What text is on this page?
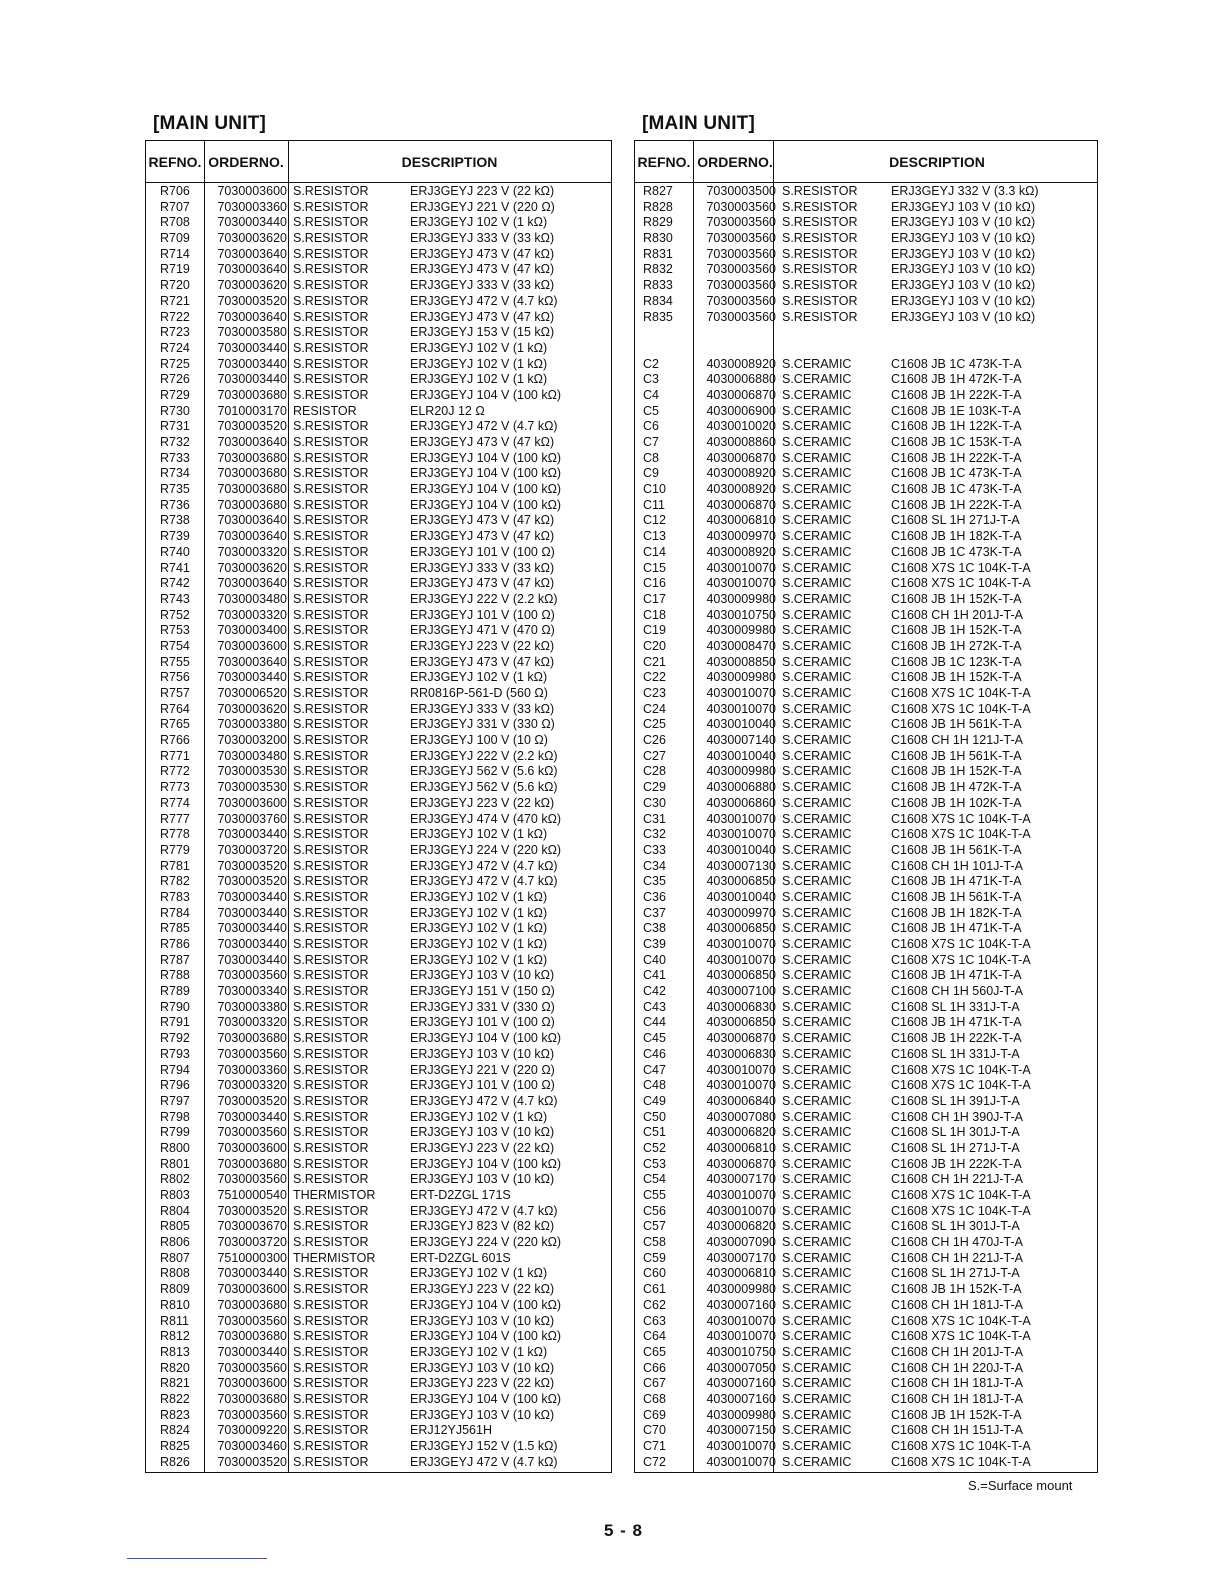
[MAIN UNIT]	[MAIN UNIT]
REF NO. ORDER NO.	DESCRIPTION
R706	7030003600 S.RESISTOR	ERJ3GEYJ 223 V (22 kΩ)
R707	7030003360 S.RESISTOR	ERJ3GEYJ 221 V (220 Ω)
R708	7030003440 S.RESISTOR	ERJ3GEYJ 102 V (1 kΩ)
R709	7030003620 S.RESISTOR	ERJ3GEYJ 333 V (33 kΩ)
R714	7030003640 S.RESISTOR	ERJ3GEYJ 473 V (47 kΩ)
R719	7030003640 S.RESISTOR	ERJ3GEYJ 473 V (47 kΩ)
R720	7030003620 S.RESISTOR	ERJ3GEYJ 333 V (33 kΩ)
R721	7030003520 S.RESISTOR	ERJ3GEYJ 472 V (4.7 kΩ)
R722	7030003640 S.RESISTOR	ERJ3GEYJ 473 V (47 kΩ)
R723	7030003580 S.RESISTOR	ERJ3GEYJ 153 V (15 kΩ)
R724	7030003440 S.RESISTOR	ERJ3GEYJ 102 V (1 kΩ)
R725	7030003440 S.RESISTOR	ERJ3GEYJ 102 V (1 kΩ)
R726	7030003440 S.RESISTOR	ERJ3GEYJ 102 V (1 kΩ)
R729	7030003680 S.RESISTOR	ERJ3GEYJ 104 V (100 kΩ)
R730	7010003170 RESISTOR	ELR20J 12 Ω
R731	7030003520 S.RESISTOR	ERJ3GEYJ 472 V (4.7 kΩ)
R732	7030003640 S.RESISTOR	ERJ3GEYJ 473 V (47 kΩ)
R733	7030003680 S.RESISTOR	ERJ3GEYJ 104 V (100 kΩ)
R734	7030003680 S.RESISTOR	ERJ3GEYJ 104 V (100 kΩ)
R735	7030003680 S.RESISTOR	ERJ3GEYJ 104 V (100 kΩ)
R736	7030003680 S.RESISTOR	ERJ3GEYJ 104 V (100 kΩ)
R738	7030003640 S.RESISTOR	ERJ3GEYJ 473 V (47 kΩ)
R739	7030003640 S.RESISTOR	ERJ3GEYJ 473 V (47 kΩ)
R740	7030003320 S.RESISTOR	ERJ3GEYJ 101 V (100 Ω)
R741	7030003620 S.RESISTOR	ERJ3GEYJ 333 V (33 kΩ)
R742	7030003640 S.RESISTOR	ERJ3GEYJ 473 V (47 kΩ)
R743	7030003480 S.RESISTOR	ERJ3GEYJ 222 V (2.2 kΩ)
R752	7030003320 S.RESISTOR	ERJ3GEYJ 101 V (100 Ω)
R753	7030003400 S.RESISTOR	ERJ3GEYJ 471 V (470 Ω)
R754	7030003600 S.RESISTOR	ERJ3GEYJ 223 V (22 kΩ)
R755	7030003640 S.RESISTOR	ERJ3GEYJ 473 V (47 kΩ)
R756	7030003440 S.RESISTOR	ERJ3GEYJ 102 V (1 kΩ)
R757	7030006520 S.RESISTOR	RR0816P-561-D (560 Ω)
R764	7030003620 S.RESISTOR	ERJ3GEYJ 333 V (33 kΩ)
R765	7030003380 S.RESISTOR	ERJ3GEYJ 331 V (330 Ω)
R766	7030003200 S.RESISTOR	ERJ3GEYJ 100 V (10 Ω)
R771	7030003480 S.RESISTOR	ERJ3GEYJ 222 V (2.2 kΩ)
R772	7030003530 S.RESISTOR	ERJ3GEYJ 562 V (5.6 kΩ)
R773	7030003530 S.RESISTOR	ERJ3GEYJ 562 V (5.6 kΩ)
R774	7030003600 S.RESISTOR	ERJ3GEYJ 223 V (22 kΩ)
R777	7030003760 S.RESISTOR	ERJ3GEYJ 474 V (470 kΩ)
R778	7030003440 S.RESISTOR	ERJ3GEYJ 102 V (1 kΩ)
R779	7030003720 S.RESISTOR	ERJ3GEYJ 224 V (220 kΩ)
R781	7030003520 S.RESISTOR	ERJ3GEYJ 472 V (4.7 kΩ)
R782	7030003520 S.RESISTOR	ERJ3GEYJ 472 V (4.7 kΩ)
R783	7030003440 S.RESISTOR	ERJ3GEYJ 102 V (1 kΩ)
R784	7030003440 S.RESISTOR	ERJ3GEYJ 102 V (1 kΩ)
R785	7030003440 S.RESISTOR	ERJ3GEYJ 102 V (1 kΩ)
R786	7030003440 S.RESISTOR	ERJ3GEYJ 102 V (1 kΩ)
R787	7030003440 S.RESISTOR	ERJ3GEYJ 102 V (1 kΩ)
R788	7030003560 S.RESISTOR	ERJ3GEYJ 103 V (10 kΩ)
R789	7030003340 S.RESISTOR	ERJ3GEYJ 151 V (150 Ω)
R790	7030003380 S.RESISTOR	ERJ3GEYJ 331 V (330 Ω)
R791	7030003320 S.RESISTOR	ERJ3GEYJ 101 V (100 Ω)
R792	7030003680 S.RESISTOR	ERJ3GEYJ 104 V (100 kΩ)
R793	7030003560 S.RESISTOR	ERJ3GEYJ 103 V (10 kΩ)
R794	7030003360 S.RESISTOR	ERJ3GEYJ 221 V (220 Ω)
R796	7030003320 S.RESISTOR	ERJ3GEYJ 101 V (100 Ω)
R797	7030003520 S.RESISTOR	ERJ3GEYJ 472 V (4.7 kΩ)
R798	7030003440 S.RESISTOR	ERJ3GEYJ 102 V (1 kΩ)
R799	7030003560 S.RESISTOR	ERJ3GEYJ 103 V (10 kΩ)
R800	7030003600 S.RESISTOR	ERJ3GEYJ 223 V (22 kΩ)
R801	7030003680 S.RESISTOR	ERJ3GEYJ 104 V (100 kΩ)
R802	7030003560 S.RESISTOR	ERJ3GEYJ 103 V (10 kΩ)
R803	7510000540 THERMISTOR	ERT-D2ZGL 171S
R804	7030003520 S.RESISTOR	ERJ3GEYJ 472 V (4.7 kΩ)
R805	7030003670 S.RESISTOR	ERJ3GEYJ 823 V (82 kΩ)
R806	7030003720 S.RESISTOR	ERJ3GEYJ 224 V (220 kΩ)
R807	7510000300 THERMISTOR	ERT-D2ZGL 601S
R808	7030003440 S.RESISTOR	ERJ3GEYJ 102 V (1 kΩ)
R809	7030003600 S.RESISTOR	ERJ3GEYJ 223 V (22 kΩ)
R810	7030003680 S.RESISTOR	ERJ3GEYJ 104 V (100 kΩ)
R811	7030003560 S.RESISTOR	ERJ3GEYJ 103 V (10 kΩ)
R812	7030003680 S.RESISTOR	ERJ3GEYJ 104 V (100 kΩ)
R813	7030003440 S.RESISTOR	ERJ3GEYJ 102 V (1 kΩ)
R820	7030003560 S.RESISTOR	ERJ3GEYJ 103 V (10 kΩ)
R821	7030003600 S.RESISTOR	ERJ3GEYJ 223 V (22 kΩ)
R822	7030003680 S.RESISTOR	ERJ3GEYJ 104 V (100 kΩ)
R823	7030003560 S.RESISTOR	ERJ3GEYJ 103 V (10 kΩ)
R824	7030009220 S.RESISTOR	ERJ12YJ561H
R825	7030003460 S.RESISTOR	ERJ3GEYJ 152 V (1.5 kΩ)
R826	7030003520 S.RESISTOR	ERJ3GEYJ 472 V (4.7 kΩ)
REF NO. ORDER NO.	DESCRIPTION
R827	7030003500 S.RESISTOR	ERJ3GEYJ 332 V (3.3 kΩ)
R828	7030003560 S.RESISTOR	ERJ3GEYJ 103 V (10 kΩ)
R829	7030003560 S.RESISTOR	ERJ3GEYJ 103 V (10 kΩ)
R830	7030003560 S.RESISTOR	ERJ3GEYJ 103 V (10 kΩ)
R831	7030003560 S.RESISTOR	ERJ3GEYJ 103 V (10 kΩ)
R832	7030003560 S.RESISTOR	ERJ3GEYJ 103 V (10 kΩ)
R833	7030003560 S.RESISTOR	ERJ3GEYJ 103 V (10 kΩ)
R834	7030003560 S.RESISTOR	ERJ3GEYJ 103 V (10 kΩ)
R835	7030003560 S.RESISTOR	ERJ3GEYJ 103 V (10 kΩ)
C2	4030008920 S.CERAMIC	C1608 JB 1C 473K-T-A
C3	4030006880 S.CERAMIC	C1608 JB 1H 472K-T-A
C4	4030006870 S.CERAMIC	C1608 JB 1H 222K-T-A
C5	4030006900 S.CERAMIC	C1608 JB 1E 103K-T-A
C6	4030010020 S.CERAMIC	C1608 JB 1H 122K-T-A
C7	4030008860 S.CERAMIC	C1608 JB 1C 153K-T-A
C8	4030006870 S.CERAMIC	C1608 JB 1H 222K-T-A
C9	4030008920 S.CERAMIC	C1608 JB 1C 473K-T-A
C10	4030008920 S.CERAMIC	C1608 JB 1C 473K-T-A
C11	4030006870 S.CERAMIC	C1608 JB 1H 222K-T-A
C12	4030006810 S.CERAMIC	C1608 SL 1H 271J-T-A
C13	4030009970 S.CERAMIC	C1608 JB 1H 182K-T-A
C14	4030008920 S.CERAMIC	C1608 JB 1C 473K-T-A
C15	4030010070 S.CERAMIC	C1608 X7S 1C 104K-T-A
C16	4030010070 S.CERAMIC	C1608 X7S 1C 104K-T-A
C17	4030009980 S.CERAMIC	C1608 JB 1H 152K-T-A
C18	4030010750 S.CERAMIC	C1608 CH 1H 201J-T-A
C19	4030009980 S.CERAMIC	C1608 JB 1H 152K-T-A
C20	4030008470 S.CERAMIC	C1608 JB 1H 272K-T-A
C21	4030008850 S.CERAMIC	C1608 JB 1C 123K-T-A
C22	4030009980 S.CERAMIC	C1608 JB 1H 152K-T-A
C23	4030010070 S.CERAMIC	C1608 X7S 1C 104K-T-A
C24	4030010070 S.CERAMIC	C1608 X7S 1C 104K-T-A
C25	4030010040 S.CERAMIC	C1608 JB 1H 561K-T-A
C26	4030007140 S.CERAMIC	C1608 CH 1H 121J-T-A
C27	4030010040 S.CERAMIC	C1608 JB 1H 561K-T-A
C28	4030009980 S.CERAMIC	C1608 JB 1H 152K-T-A
C29	4030006880 S.CERAMIC	C1608 JB 1H 472K-T-A
C30	4030006860 S.CERAMIC	C1608 JB 1H 102K-T-A
C31	4030010070 S.CERAMIC	C1608 X7S 1C 104K-T-A
C32	4030010070 S.CERAMIC	C1608 X7S 1C 104K-T-A
C33	4030010040 S.CERAMIC	C1608 JB 1H 561K-T-A
C34	4030007130 S.CERAMIC	C1608 CH 1H 101J-T-A
C35	4030006850 S.CERAMIC	C1608 JB 1H 471K-T-A
C36	4030010040 S.CERAMIC	C1608 JB 1H 561K-T-A
C37	4030009970 S.CERAMIC	C1608 JB 1H 182K-T-A
C38	4030006850 S.CERAMIC	C1608 JB 1H 471K-T-A
C39	4030010070 S.CERAMIC	C1608 X7S 1C 104K-T-A
C40	4030010070 S.CERAMIC	C1608 X7S 1C 104K-T-A
C41	4030006850 S.CERAMIC	C1608 JB 1H 471K-T-A
C42	4030007100 S.CERAMIC	C1608 CH 1H 560J-T-A
C43	4030006830 S.CERAMIC	C1608 SL 1H 331J-T-A
C44	4030006850 S.CERAMIC	C1608 JB 1H 471K-T-A
C45	4030006870 S.CERAMIC	C1608 JB 1H 222K-T-A
C46	4030006830 S.CERAMIC	C1608 SL 1H 331J-T-A
C47	4030010070 S.CERAMIC	C1608 X7S 1C 104K-T-A
C48	4030010070 S.CERAMIC	C1608 X7S 1C 104K-T-A
C49	4030006840 S.CERAMIC	C1608 SL 1H 391J-T-A
C50	4030007080 S.CERAMIC	C1608 CH 1H 390J-T-A
C51	4030006820 S.CERAMIC	C1608 SL 1H 301J-T-A
C52	4030006810 S.CERAMIC	C1608 SL 1H 271J-T-A
C53	4030006870 S.CERAMIC	C1608 JB 1H 222K-T-A
C54	4030007170 S.CERAMIC	C1608 CH 1H 221J-T-A
C55	4030010070 S.CERAMIC	C1608 X7S 1C 104K-T-A
C56	4030010070 S.CERAMIC	C1608 X7S 1C 104K-T-A
C57	4030006820 S.CERAMIC	C1608 SL 1H 301J-T-A
C58	4030007090 S.CERAMIC	C1608 CH 1H 470J-T-A
C59	4030007170 S.CERAMIC	C1608 CH 1H 221J-T-A
C60	4030006810 S.CERAMIC	C1608 SL 1H 271J-T-A
C61	4030009980 S.CERAMIC	C1608 JB 1H 152K-T-A
C62	4030007160 S.CERAMIC	C1608 CH 1H 181J-T-A
C63	4030010070 S.CERAMIC	C1608 X7S 1C 104K-T-A
C64	4030010070 S.CERAMIC	C1608 X7S 1C 104K-T-A
C65	4030010750 S.CERAMIC	C1608 CH 1H 201J-T-A
C66	4030007050 S.CERAMIC	C1608 CH 1H 220J-T-A
C67	4030007160 S.CERAMIC	C1608 CH 1H 181J-T-A
C68	4030007160 S.CERAMIC	C1608 CH 1H 181J-T-A
C69	4030009980 S.CERAMIC	C1608 JB 1H 152K-T-A
C70	4030007150 S.CERAMIC	C1608 CH 1H 151J-T-A
C71	4030010070 S.CERAMIC	C1608 X7S 1C 104K-T-A
C72	4030010070 S.CERAMIC	C1608 X7S 1C 104K-T-A
S.=Surface mount
5 - 8
